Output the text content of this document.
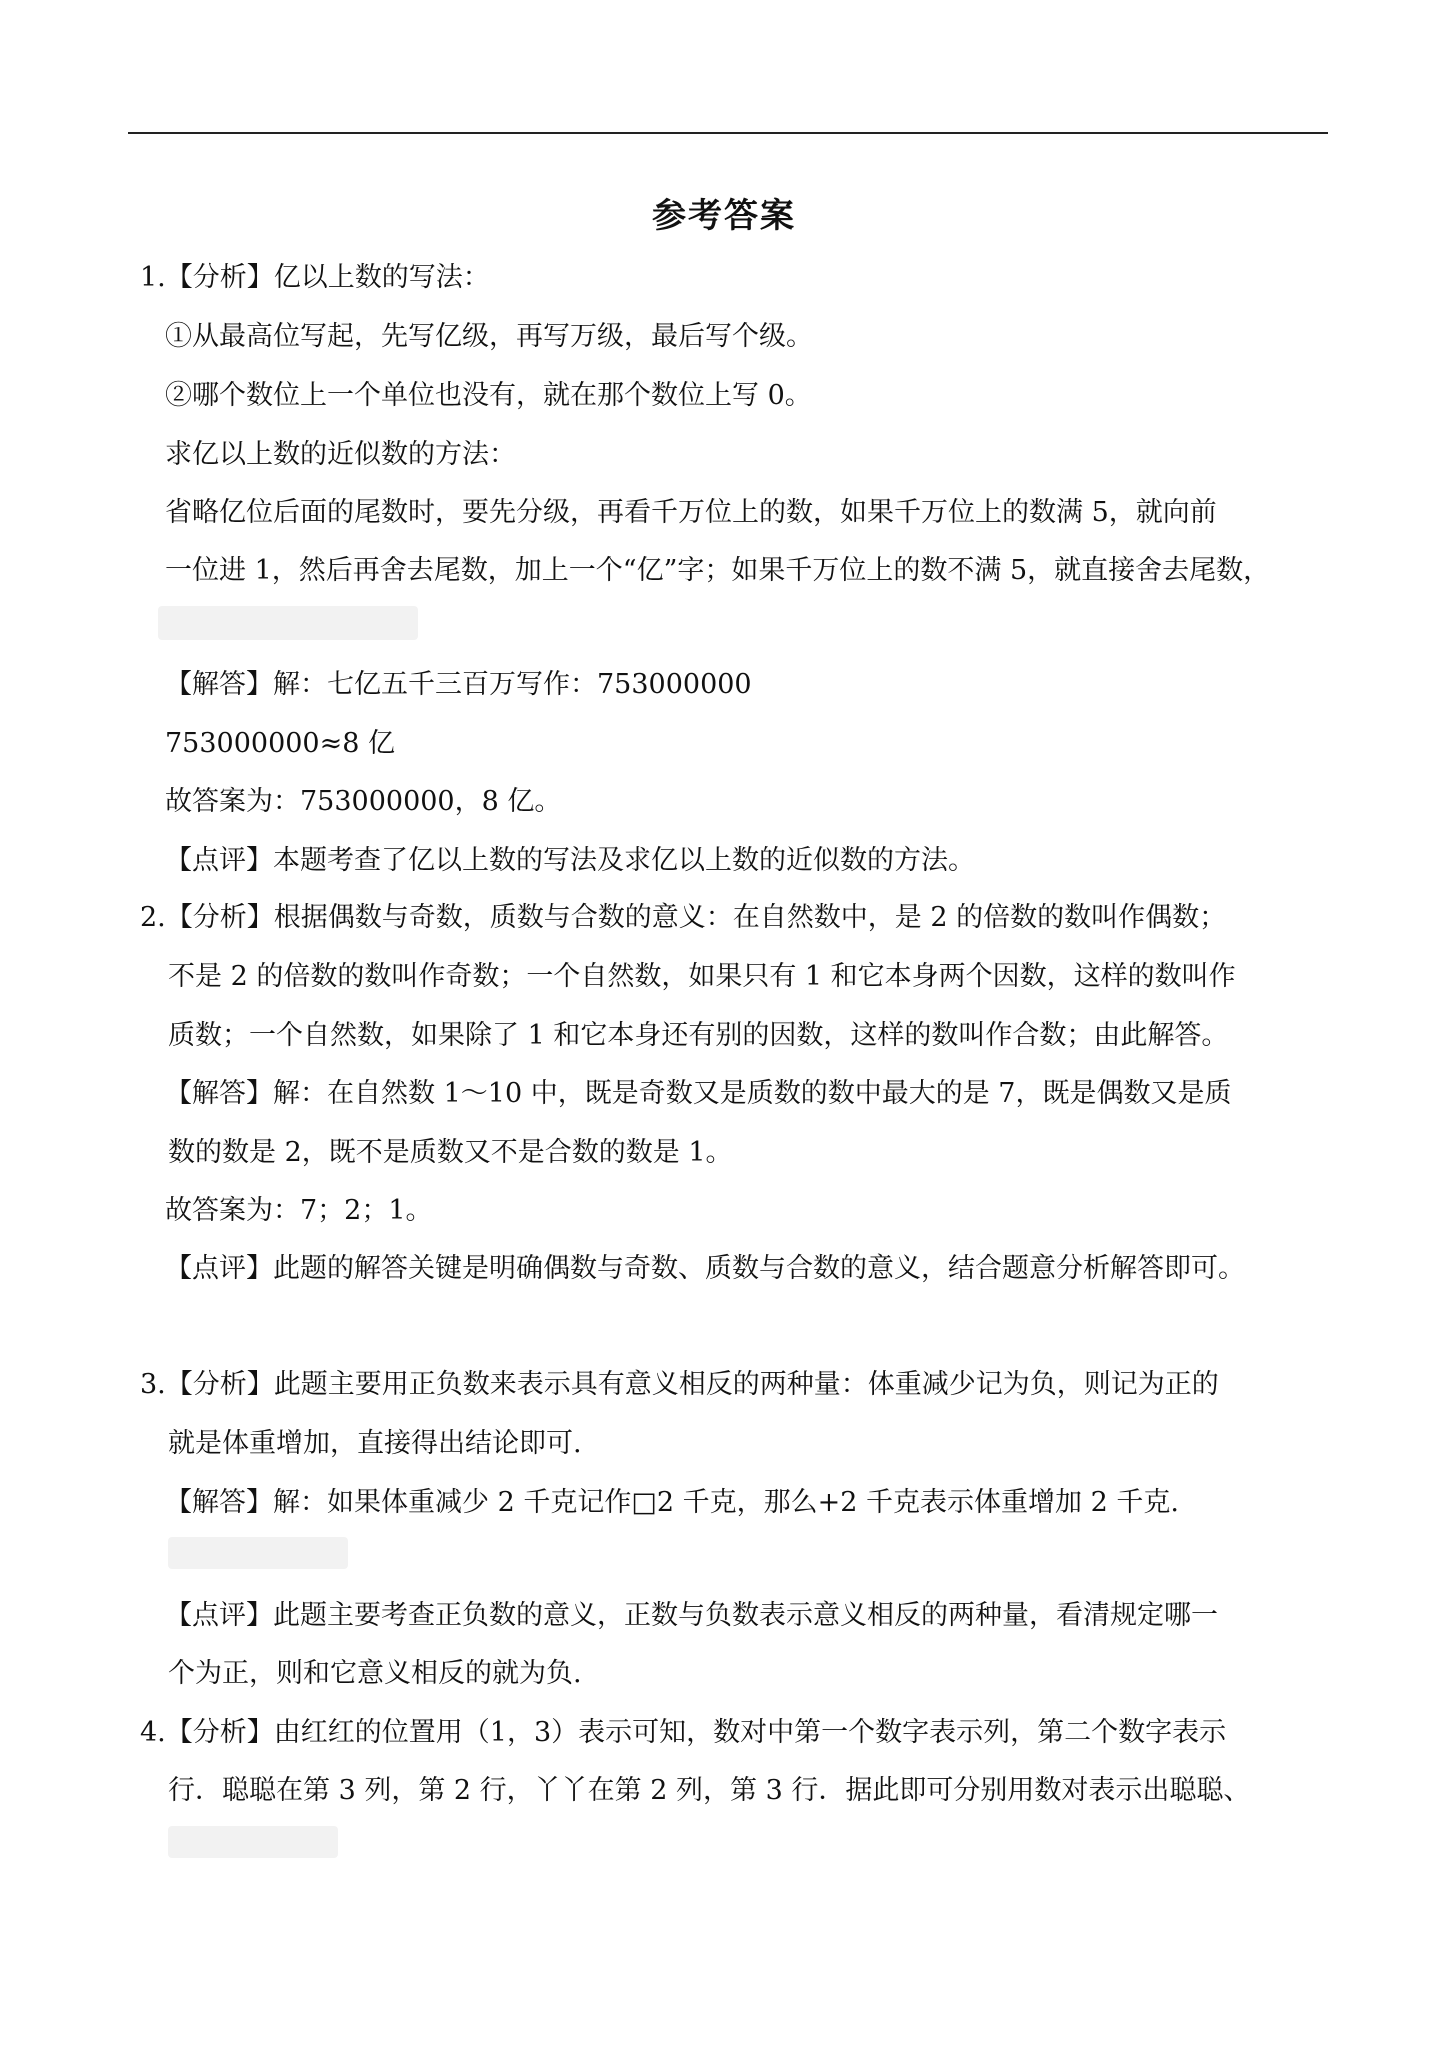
参考答案
1.【分析】亿以上数的写法：
①从最高位写起，先写亿级，再写万级，最后写个级。
②哪个数位上一个单位也没有，就在那个数位上写 0。
求亿以上数的近似数的方法：
省略亿位后面的尾数时，要先分级，再看千万位上的数，如果千万位上的数满 5，就向前
一位进 1，然后再舍去尾数，加上一个“亿”字；如果千万位上的数不满 5，就直接舍去尾数，
【解答】解：七亿五千三百万写作：753000000
753000000≈8 亿
故答案为：753000000，8 亿。
【点评】本题考查了亿以上数的写法及求亿以上数的近似数的方法。
2.【分析】根据偶数与奇数，质数与合数的意义：在自然数中，是 2 的倍数的数叫作偶数；
不是 2 的倍数的数叫作奇数；一个自然数，如果只有 1 和它本身两个因数，这样的数叫作
质数；一个自然数，如果除了 1 和它本身还有别的因数，这样的数叫作合数；由此解答。
【解答】解：在自然数 1～10 中，既是奇数又是质数的数中最大的是 7，既是偶数又是质
数的数是 2，既不是质数又不是合数的数是 1。
故答案为：7；2；1。
【点评】此题的解答关键是明确偶数与奇数、质数与合数的意义，结合题意分析解答即可。
3.【分析】此题主要用正负数来表示具有意义相反的两种量：体重减少记为负，则记为正的
就是体重增加，直接得出结论即可.
【解答】解：如果体重减少 2 千克记作□2 千克，那么+2 千克表示体重增加 2 千克.
【点评】此题主要考查正负数的意义，正数与负数表示意义相反的两种量，看清规定哪一
个为正，则和它意义相反的就为负.
4.【分析】由红红的位置用（1，3）表示可知，数对中第一个数字表示列，第二个数字表示
行．聪聪在第 3 列，第 2 行，丫丫在第 2 列，第 3 行．据此即可分别用数对表示出聪聪、
